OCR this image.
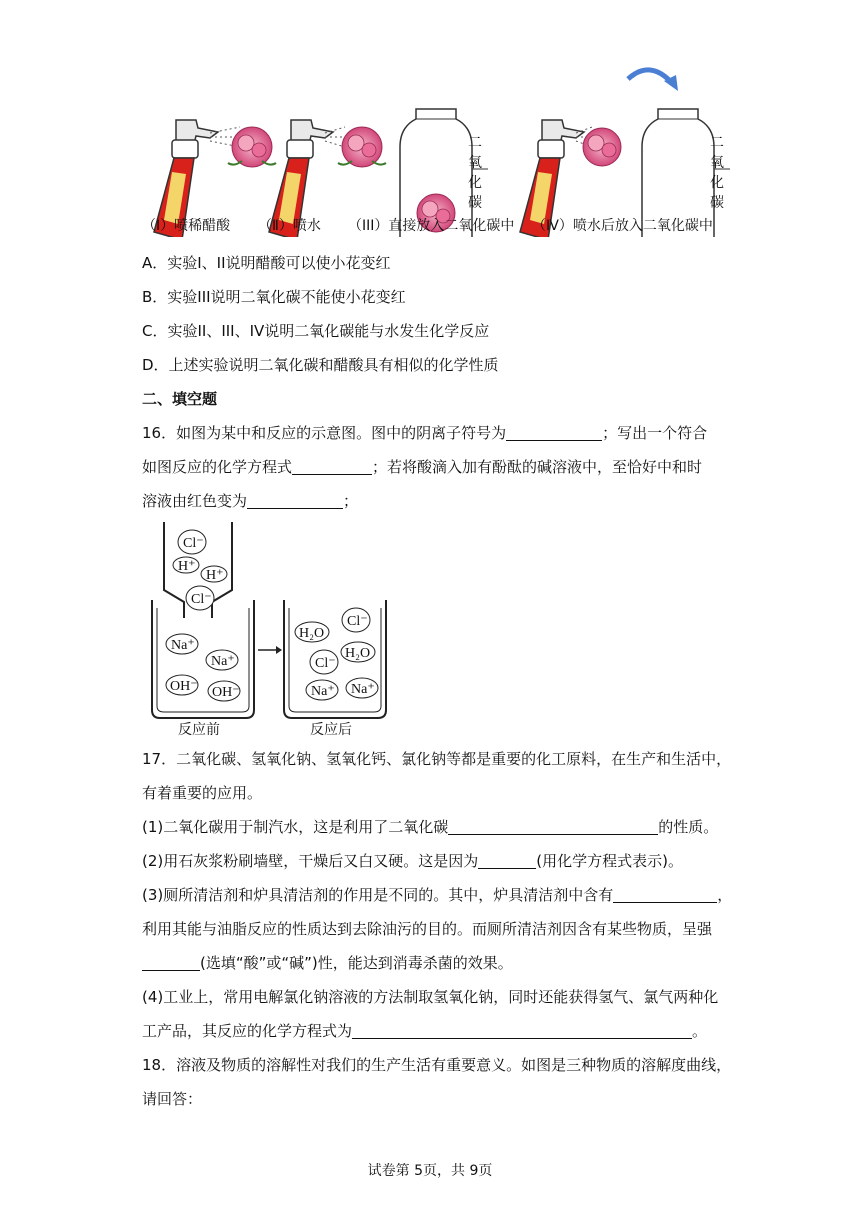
二
氧
化
碳
二
氧
化
碳
（I）喷稀醋酸 （Ⅱ）喷水 （III）直接放入二氧化碳中 （Ⅳ）喷水后放入二氧化碳中
A．实验I、II说明醋酸可以使小花变红
B．实验III说明二氧化碳不能使小花变红
C．实验II、III、IV说明二氧化碳能与水发生化学反应
D．上述实验说明二氧化碳和醋酸具有相似的化学性质
二、填空题
16．如图为某中和反应的示意图。图中的阴离子符号为	；写出一个符合
如图反应的化学方程式	；若将酸滴入加有酚酞的碱溶液中，至恰好中和时
溶液由红色变为	；
Cl⁻
H⁺
H⁺
Cl⁻
Na⁺
Na⁺
OH⁻ OH⁻
H₂O
Cl⁻
H₂O
Cl⁻
Na⁺ Na⁺
反应前	反应后
17．二氧化碳、氢氧化钠、氢氧化钙、氯化钠等都是重要的化工原料，在生产和生活中，
有着重要的应用。
(1)二氧化碳用于制汽水，这是利用了二氧化碳	的性质。
(2)用石灰浆粉刷墙壁，干燥后又白又硬。这是因为	(用化学方程式表示)。
(3)厕所清洁剂和炉具清洁剂的作用是不同的。其中，炉具清洁剂中含有	，
利用其能与油脂反应的性质达到去除油污的目的。而厕所清洁剂因含有某些物质，呈强
(选填“酸”或“碱”)性，能达到消毒杀菌的效果。
(4)工业上，常用电解氯化钠溶液的方法制取氢氧化钠，同时还能获得氢气、氯气两种化
工产品，其反应的化学方程式为	。
18．溶液及物质的溶解性对我们的生产生活有重要意义。如图是三种物质的溶解度曲线，
请回答：
试卷第 5页，共 9页
